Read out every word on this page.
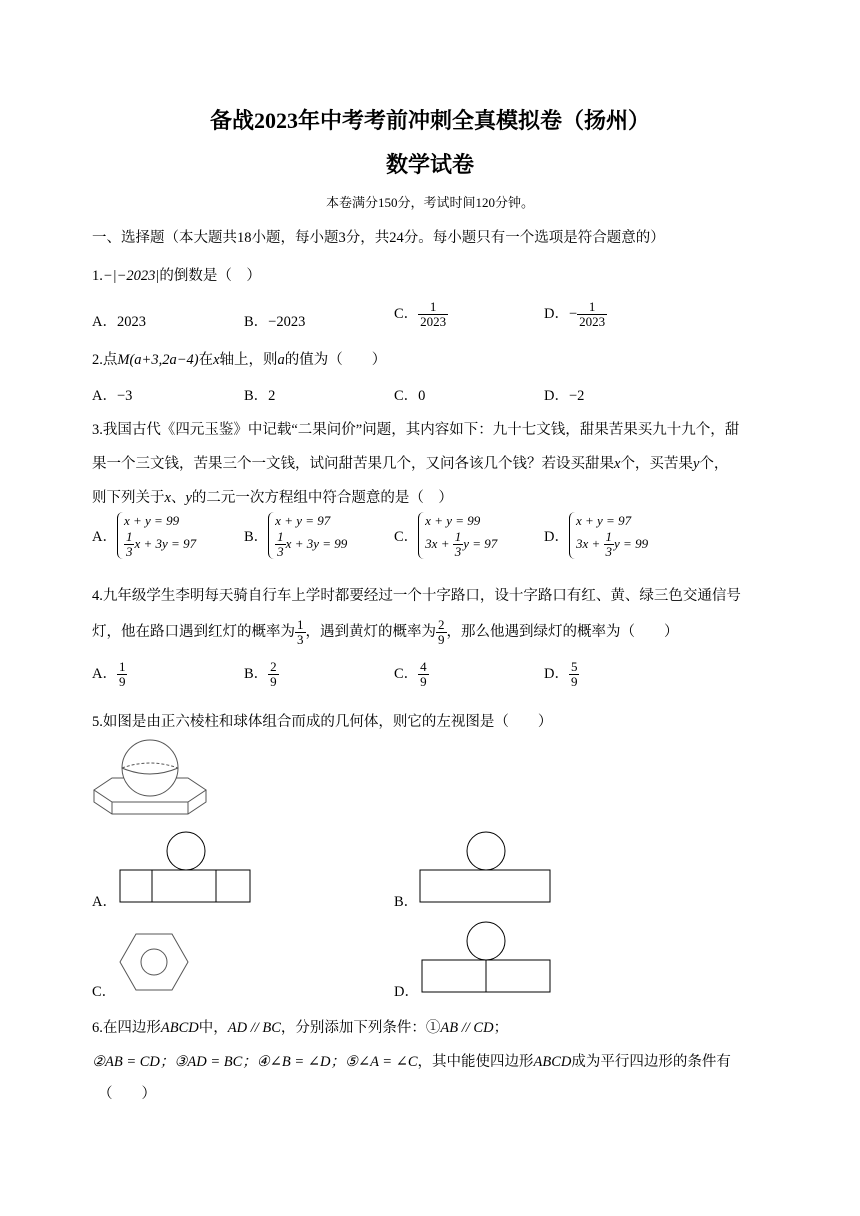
备战2023年中考考前冲刺全真模拟卷（扬州）
数学试卷
本卷满分150分，考试时间120分钟。
一、选择题（本大题共18小题，每小题3分，共24分。每小题只有一个选项是符合题意的）
1.−|−2023|的倒数是（　）
A．2023	B．−2023	C． $\frac{1}{2023}$	D．− $\frac{1}{2023}$
2.点M(a+3,2a−4)在x轴上，则a的值为（　　）
A．−3	B．2	C．0	D．−2
3.我国古代《四元玉鉴》中记载“二果问价”问题，其内容如下：九十七文钱，甜果苦果买九十九个，甜
果一个三文钱，苦果三个一文钱，试问甜苦果几个，又问各该几个钱？若设买甜果x个，买苦果y个，
则下列关于x、y的二元一次方程组中符合题意的是（　）
A．
x + y = 99
$\frac{1}{3}$ x + 3y = 97	B．
x + y = 97
$\frac{1}{3}$ x + 3y = 99	C．
x + y = 99
$3x + \frac{1}{3}$ y = 97	D．
x + y = 97
$3x + \frac{1}{3}$ y = 99
4.九年级学生李明每天骑自行车上学时都要经过一个十字路口，设十字路口有红、黄、绿三色交通信号
灯，他在路口遇到红灯的概率为 $\frac{1}{3}$ ，遇到黄灯的概率为 $\frac{2}{9}$ ，那么他遇到绿灯的概率为（　　）
A． $\frac{1}{9}$	B． $\frac{2}{9}$	C． $\frac{4}{9}$	D． $\frac{5}{9}$
5.如图是由正六棱柱和球体组合而成的几何体，则它的左视图是（　　）
A．	B．
C．	D．
6.在四边形ABCD中，AD // BC，分别添加下列条件：①AB // CD；
②AB = CD；③AD = BC；④∠B = ∠D；⑤∠A = ∠C，其中能使四边形ABCD成为平行四边形的条件有
（　　）
